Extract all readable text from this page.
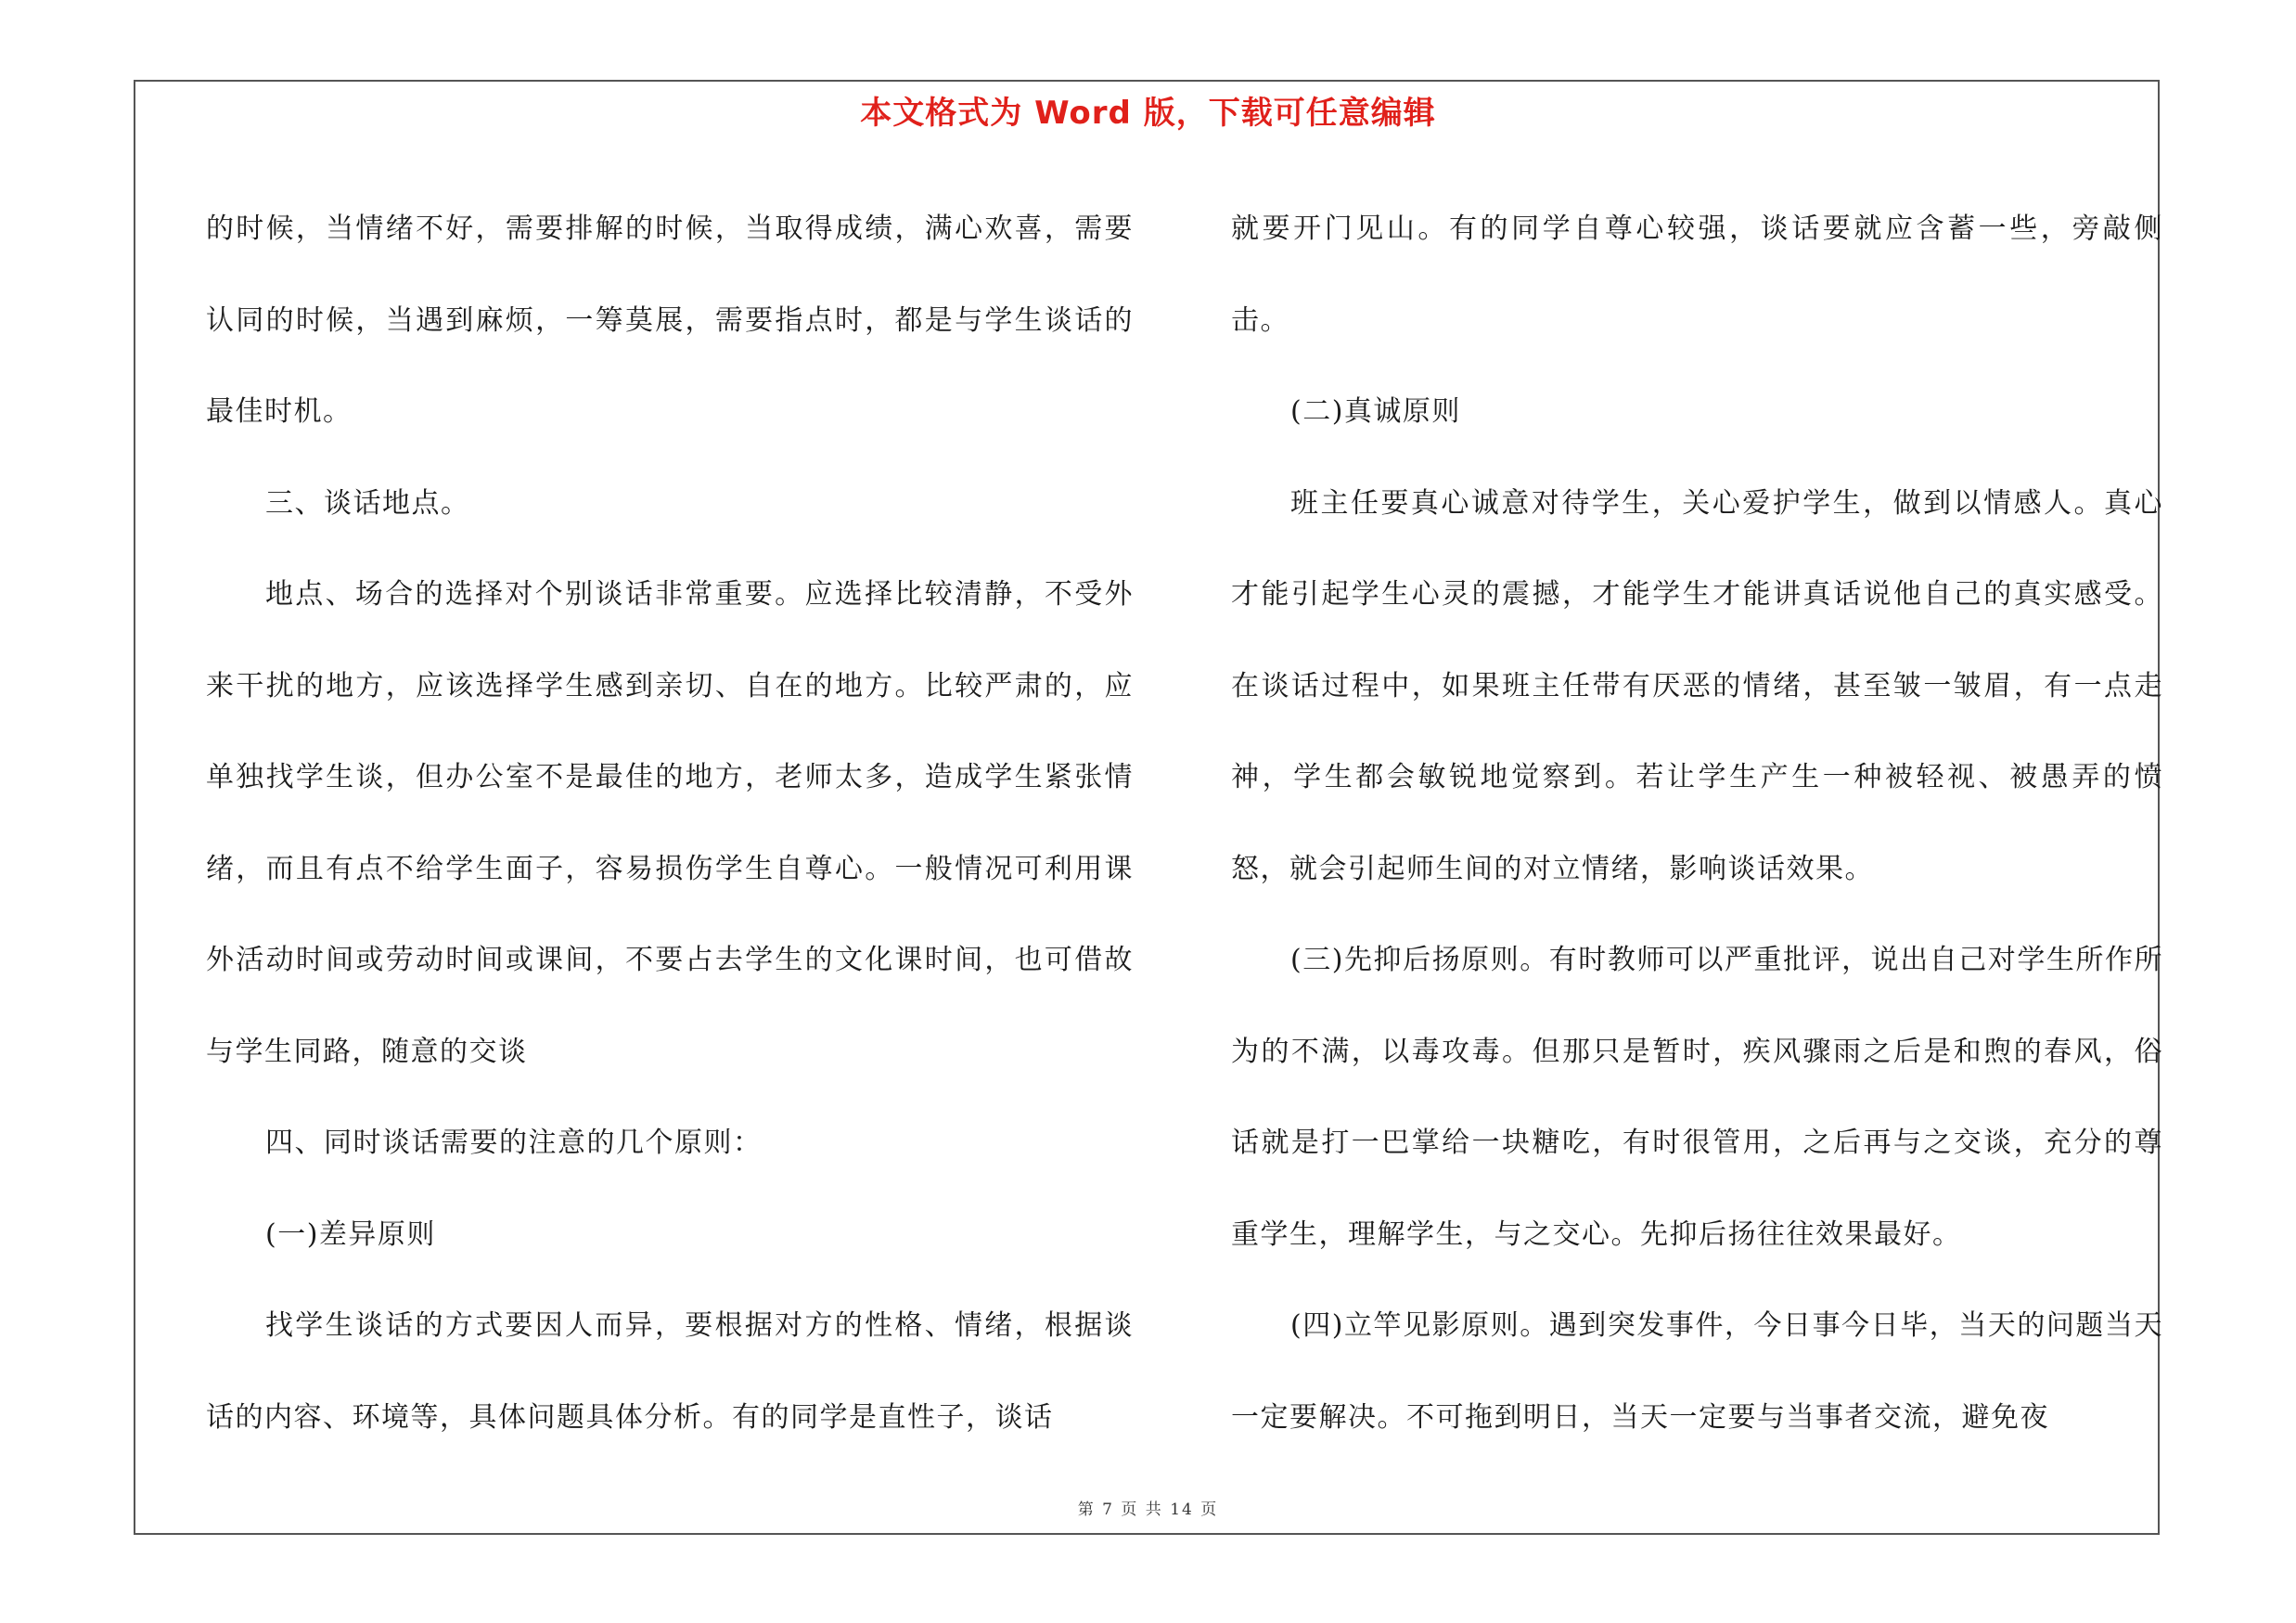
本文格式为 Word 版，下载可任意编辑

的时候，当情绪不好，需要排解的时候，当取得成绩，满心欢喜，需要认同的时候，当遇到麻烦，一筹莫展，需要指点时，都是与学生谈话的最佳时机。

三、谈话地点。

地点、场合的选择对个别谈话非常重要。应选择比较清静，不受外来干扰的地方，应该选择学生感到亲切、自在的地方。比较严肃的，应单独找学生谈，但办公室不是最佳的地方，老师太多，造成学生紧张情绪，而且有点不给学生面子，容易损伤学生自尊心。一般情况可利用课外活动时间或劳动时间或课间，不要占去学生的文化课时间，也可借故与学生同路，随意的交谈

四、同时谈话需要的注意的几个原则：

(一)差异原则

找学生谈话的方式要因人而异，要根据对方的性格、情绪，根据谈话的内容、环境等，具体问题具体分析。有的同学是直性子，谈话

就要开门见山。有的同学自尊心较强，谈话要就应含蓄一些，旁敲侧击。

(二)真诚原则

班主任要真心诚意对待学生，关心爱护学生，做到以情感人。真心才能引起学生心灵的震撼，才能学生才能讲真话说他自己的真实感受。在谈话过程中，如果班主任带有厌恶的情绪，甚至皱一皱眉，有一点走神，学生都会敏锐地觉察到。若让学生产生一种被轻视、被愚弄的愤怒，就会引起师生间的对立情绪，影响谈话效果。

(三)先抑后扬原则。有时教师可以严重批评，说出自己对学生所作所为的不满，以毒攻毒。但那只是暂时，疾风骤雨之后是和煦的春风，俗话就是打一巴掌给一块糖吃，有时很管用，之后再与之交谈，充分的尊重学生，理解学生，与之交心。先抑后扬往往效果最好。

(四)立竿见影原则。遇到突发事件，今日事今日毕，当天的问题当天一定要解决。不可拖到明日，当天一定要与当事者交流，避免夜

第 7 页 共 14 页
